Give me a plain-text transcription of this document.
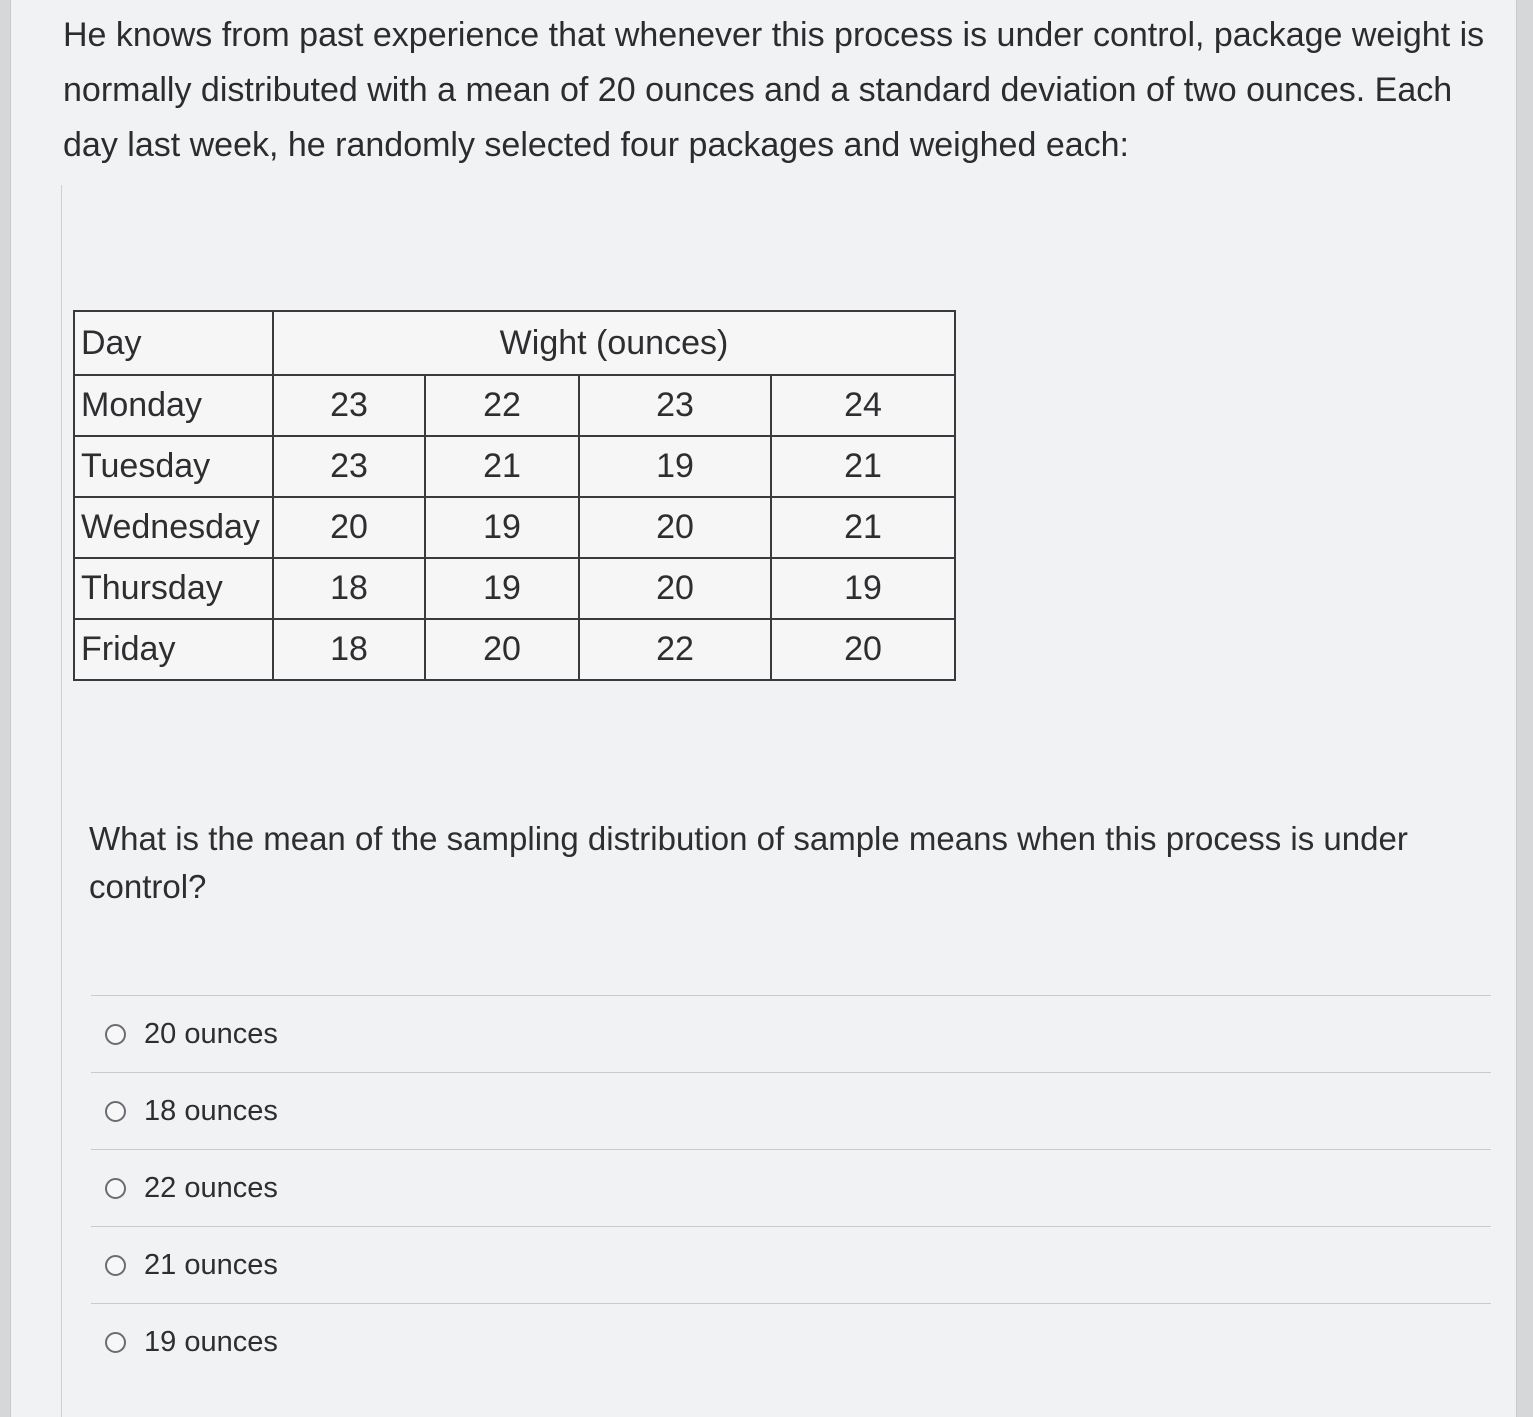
He knows from past experience that whenever this process is under control, package weight is normally distributed with a mean of 20 ounces and a standard deviation of two ounces. Each day last week, he randomly selected four packages and weighed each:

Day	Wight (ounces)			
Monday	23	22	23	24
Tuesday	23	21	19	21
Wednesday	20	19	20	21
Thursday	18	19	20	19
Friday	18	20	22	20

What is the mean of the sampling distribution of sample means when this process is under control?

20 ounces
18 ounces
22 ounces
21 ounces
19 ounces
